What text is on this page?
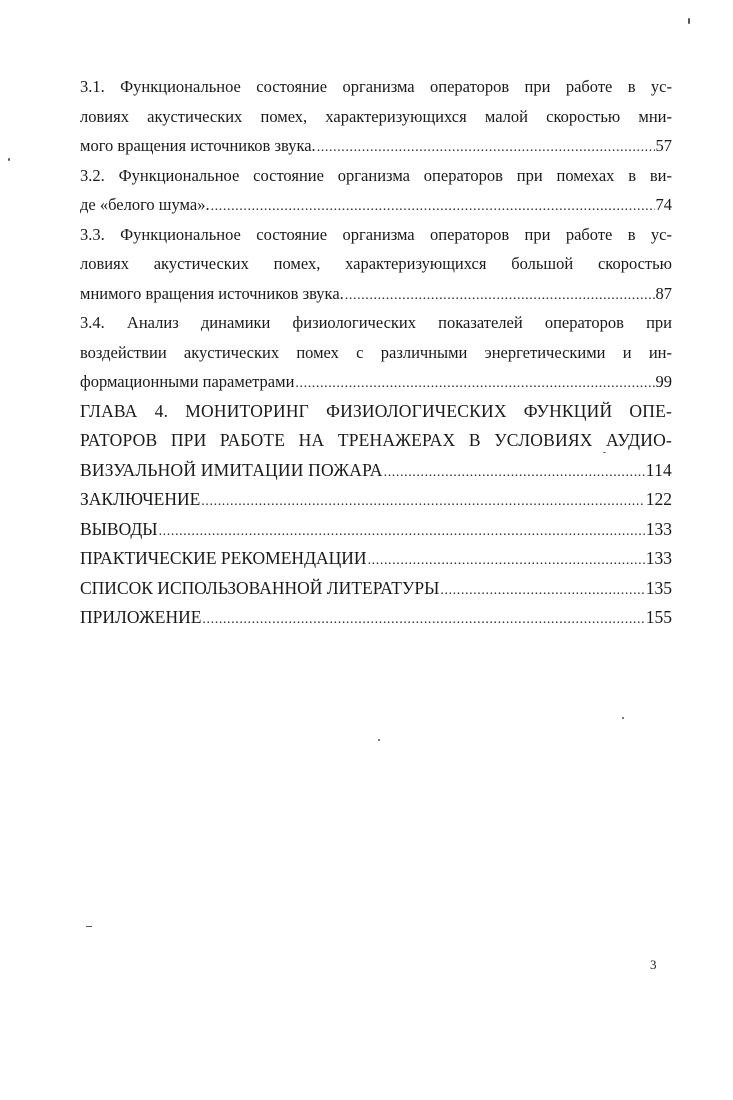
3.1. Функциональное состояние организма операторов при работе в ус-
ловиях акустических помех, характеризующихся малой скоростью мни-
мого вращения источников звука. .....	57
3.2. Функциональное состояние организма операторов при помехах в ви-
де «белого шума». .....	74
3.3. Функциональное состояние организма операторов при работе в ус-
ловиях акустических помех, характеризующихся большой скоростью
мнимого вращения источников звука. .....	87
3.4. Анализ динамики физиологических показателей операторов при
воздействии акустических помех с различными энергетическими и ин-
формационными параметрами .....	99
ГЛАВА 4. МОНИТОРИНГ ФИЗИОЛОГИЧЕСКИХ ФУНКЦИЙ ОПЕ-
РАТОРОВ ПРИ РАБОТЕ НА ТРЕНАЖЕРАХ В УСЛОВИЯХ АУДИО-
ВИЗУАЛЬНОЙ ИМИТАЦИИ ПОЖАРА .....	114
ЗАКЛЮЧЕНИЕ .....	122
ВЫВОДЫ .....	133
ПРАКТИЧЕСКИЕ РЕКОМЕНДАЦИИ .....	133
СПИСОК ИСПОЛЬЗОВАННОЙ ЛИТЕРАТУРЫ .....	135
ПРИЛОЖЕНИЕ .....	155
3
